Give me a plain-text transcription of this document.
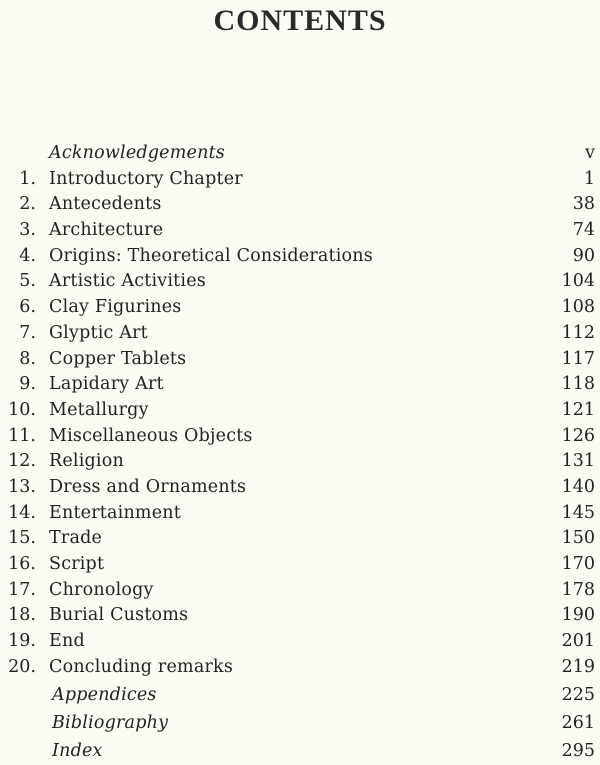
CONTENTS
Acknowledgements	v
1. Introductory Chapter	1
2. Antecedents	38
3. Architecture	74
4. Origins: Theoretical Considerations	90
5. Artistic Activities	104
6. Clay Figurines	108
7. Glyptic Art	112
8. Copper Tablets	117
9. Lapidary Art	118
10. Metallurgy	121
11. Miscellaneous Objects	126
12. Religion	131
13. Dress and Ornaments	140
14. Entertainment	145
15. Trade	150
16. Script	170
17. Chronology	178
18. Burial Customs	190
19. End	201
20. Concluding remarks	219
Appendices	225
Bibliography	261
Index	295
